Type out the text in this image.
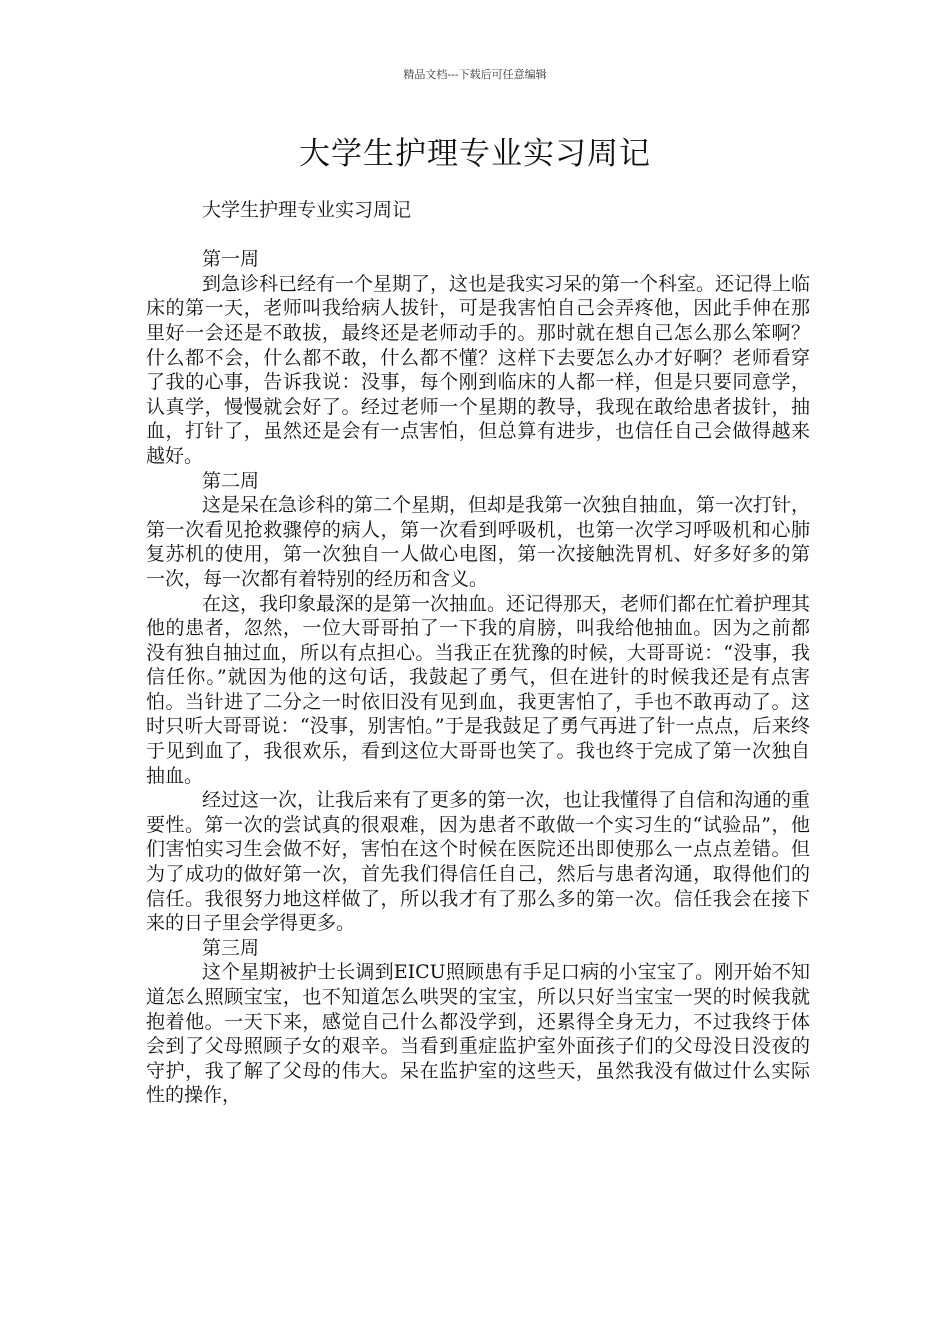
精品文档---下载后可任意编辑
大学生护理专业实习周记

大学生护理专业实习周记

第一周

到急诊科已经有一个星期了，这也是我实习呆的第一个科室。还记得上临床的第一天，老师叫我给病人拔针，可是我害怕自己会弄疼他，因此手伸在那里好一会还是不敢拔，最终还是老师动手的。那时就在想自己怎么那么笨啊？什么都不会，什么都不敢，什么都不懂？这样下去要怎么办才好啊？老师看穿了我的心事，告诉我说：没事，每个刚到临床的人都一样，但是只要同意学，认真学，慢慢就会好了。经过老师一个星期的教导，我现在敢给患者拔针，抽血，打针了，虽然还是会有一点害怕，但总算有进步，也信任自己会做得越来越好。

第二周

这是呆在急诊科的第二个星期，但却是我第一次独自抽血，第一次打针，第一次看见抢救骤停的病人，第一次看到呼吸机，也第一次学习呼吸机和心肺复苏机的使用，第一次独自一人做心电图，第一次接触洗胃机、好多好多的第一次，每一次都有着特别的经历和含义。

在这，我印象最深的是第一次抽血。还记得那天，老师们都在忙着护理其他的患者，忽然，一位大哥哥拍了一下我的肩膀，叫我给他抽血。因为之前都没有独自抽过血，所以有点担心。当我正在犹豫的时候，大哥哥说：“没事，我信任你。”就因为他的这句话，我鼓起了勇气，但在进针的时候我还是有点害怕。当针进了二分之一时依旧没有见到血，我更害怕了，手也不敢再动了。这时只听大哥哥说：“没事，别害怕。”于是我鼓足了勇气再进了针一点点，后来终于见到血了，我很欢乐，看到这位大哥哥也笑了。我也终于完成了第一次独自抽血。

经过这一次，让我后来有了更多的第一次，也让我懂得了自信和沟通的重要性。第一次的尝试真的很艰难，因为患者不敢做一个实习生的“试验品”，他们害怕实习生会做不好，害怕在这个时候在医院还出即使那么一点点差错。但为了成功的做好第一次，首先我们得信任自己，然后与患者沟通，取得他们的信任。我很努力地这样做了，所以我才有了那么多的第一次。信任我会在接下来的日子里会学得更多。

第三周

这个星期被护士长调到EICU照顾患有手足口病的小宝宝了。刚开始不知道怎么照顾宝宝，也不知道怎么哄哭的宝宝，所以只好当宝宝一哭的时候我就抱着他。一天下来，感觉自己什么都没学到，还累得全身无力，不过我终于体会到了父母照顾子女的艰辛。当看到重症监护室外面孩子们的父母没日没夜的守护，我了解了父母的伟大。呆在监护室的这些天，虽然我没有做过什么实际性的操作，
